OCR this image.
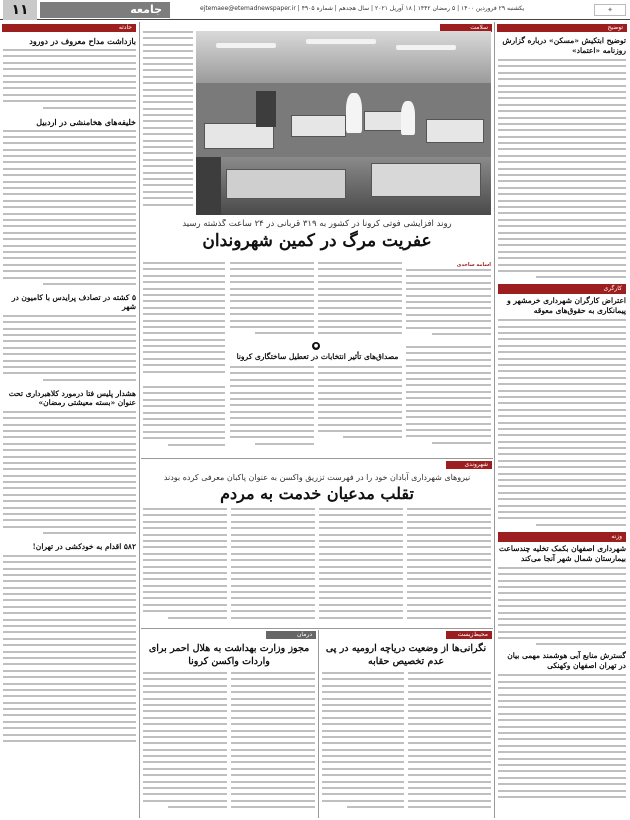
۱۱	جامعه	ejtemaee@etemadnewspaper.ir | یکشنبه ۲۹ فروردین ۱۴۰۰ | ۵ رمضان ۱۴۴۲ | ۱۸ آوریل ۲۰۲۱ | سال هجدهم | شماره ۴۹۰۵	✦
حادثه
بازداشت مداح معروف در دورود
خلیفه‌های هخامنشی در اردبیل
۵ کشته در تصادف پرایدس با کامیون در شهر
هشدار پلیس فتا درمورد کلاهبرداری تحت عنوان «بسته معیشتی رمضان»
۵۸۲ اقدام به خودکشی در تهران!
توضیح
توضیح ابتکیش «مسکن» درباره گزارش روزنامه «اعتماد»
کارگری
اعتراض کارگران شهرداری خرمشهر و پیمانکاری به حقوق‌های معوقه
وزنه
شهرداری اصفهان بکمک تخلیه چندساعت بیمارستان شمال شهر آنجا می‌کند
گسترش منابع آبی هوشمند مهمی بیان در تهران اصفهان وکهنکی
سلامت
روند افزایشی فوتی کرونا در کشور به ۳۱۹ قربانی در ۲۴ ساعت گذشته رسید
عفریت مرگ در کمین شهروندان
اسامه ساجدی
●
مصداق‌های تأثیر انتخابات در تعطیل ساختگاری کرونا
شهروندی
نیروهای شهرداری آبادان خود را در فهرست تزریق واکسن به عنوان پاکبان معرفی کرده بودند
تقلب مدعیان خدمت به مردم
محیط‌زیست
درمان
نگرانی‌ها از وضعیت دریاچه ارومیه در پی عدم تخصیص حقابه
مجوز وزارت بهداشت به هلال احمر برای واردات واکسن کرونا
